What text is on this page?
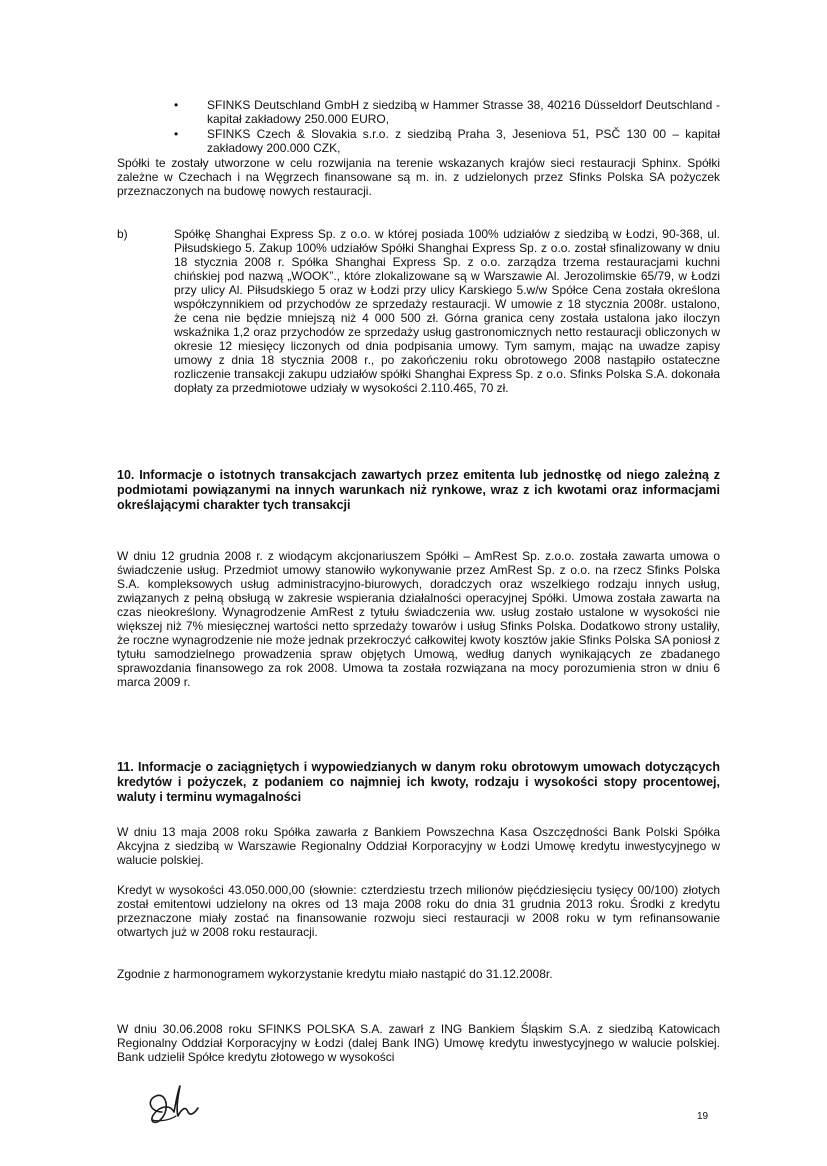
• SFINKS Deutschland GmbH z siedzibą w Hammer Strasse 38, 40216 Düsseldorf Deutschland - kapitał zakładowy 250.000 EURO,
• SFINKS Czech & Slovakia s.r.o. z siedzibą Praha 3, Jeseniova 51, PSČ 130 00 – kapitał zakładowy 200.000 CZK,

Spółki te zostały utworzone w celu rozwijania na terenie wskazanych krajów sieci restauracji Sphinx. Spółki zależne w Czechach i na Węgrzech finansowane są m. in. z udzielonych przez Sfinks Polska SA pożyczek przeznaczonych na budowę nowych restauracji.

b)	Spółkę Shanghai Express Sp. z o.o. w której posiada 100% udziałów z siedzibą w Łodzi, 90-368, ul. Piłsudskiego 5. Zakup 100% udziałów Spółki Shanghai Express Sp. z o.o. został sfinalizowany w dniu 18 stycznia 2008 r. Spółka Shanghai Express Sp. z o.o. zarządza trzema restauracjami kuchni chińskiej pod nazwą „WOOK”., które zlokalizowane są w Warszawie Al. Jerozolimskie 65/79, w Łodzi przy ulicy Al. Piłsudskiego 5 oraz w Łodzi przy ulicy Karskiego 5.w/w Spółce Cena została określona współczynnikiem od przychodów ze sprzedaży restauracji. W umowie z 18 stycznia 2008r. ustalono, że cena nie będzie mniejszą niż 4 000 500 zł. Górna granica ceny została ustalona jako iloczyn wskaźnika 1,2 oraz przychodów ze sprzedaży usług gastronomicznych netto restauracji obliczonych w okresie 12 miesięcy liczonych od dnia podpisania umowy. Tym samym, mając na uwadze zapisy umowy z dnia 18 stycznia 2008 r., po zakończeniu roku obrotowego 2008 nastąpiło ostateczne rozliczenie transakcji zakupu udziałów spółki Shanghai Express Sp. z o.o. Sfinks Polska S.A. dokonała dopłaty za przedmiotowe udziały w wysokości 2.110.465, 70 zł.

10. Informacje o istotnych transakcjach zawartych przez emitenta lub jednostkę od niego zależną z podmiotami powiązanymi na innych warunkach niż rynkowe, wraz z ich kwotami oraz informacjami określającymi charakter tych transakcji

W dniu 12 grudnia 2008 r. z wiodącym akcjonariuszem Spółki – AmRest Sp. z.o.o. została zawarta umowa o świadczenie usług. Przedmiot umowy stanowiło wykonywanie przez AmRest Sp. z o.o. na rzecz Sfinks Polska S.A. kompleksowych usług administracyjno-biurowych, doradczych oraz wszelkiego rodzaju innych usług, związanych z pełną obsługą w zakresie wspierania działalności operacyjnej Spółki. Umowa została zawarta na czas nieokreślony. Wynagrodzenie AmRest z tytułu świadczenia ww. usług zostało ustalone w wysokości nie większej niż 7% miesięcznej wartości netto sprzedaży towarów i usług Sfinks Polska. Dodatkowo strony ustaliły, że roczne wynagrodzenie nie może jednak przekroczyć całkowitej kwoty kosztów jakie Sfinks Polska SA poniosł z tytułu samodzielnego prowadzenia spraw objętych Umową, według danych wynikających ze zbadanego sprawozdania finansowego za rok 2008. Umowa ta została rozwiązana na mocy porozumienia stron w dniu 6 marca 2009 r.

11. Informacje o zaciągniętych i wypowiedzianych w danym roku obrotowym umowach dotyczących kredytów i pożyczek, z podaniem co najmniej ich kwoty, rodzaju i wysokości stopy procentowej, waluty i terminu wymagalności

W dniu 13 maja 2008 roku Spółka zawarła z Bankiem Powszechna Kasa Oszczędności Bank Polski Spółka Akcyjna z siedzibą w Warszawie Regionalny Oddział Korporacyjny w Łodzi Umowę kredytu inwestycyjnego w walucie polskiej.

Kredyt w wysokości 43.050.000,00 (słownie: czterdziestu trzech milionów pięćdziesięciu tysięcy 00/100) złotych został emitentowi udzielony na okres od 13 maja 2008 roku do dnia 31 grudnia 2013 roku. Środki z kredytu przeznaczone miały zostać na finansowanie rozwoju sieci restauracji w 2008 roku w tym refinansowanie otwartych już w 2008 roku restauracji.

Zgodnie z harmonogramem wykorzystanie kredytu miało nastąpić do 31.12.2008r.

W dniu 30.06.2008 roku SFINKS POLSKA S.A. zawarł z ING Bankiem Śląskim S.A. z siedzibą Katowicach Regionalny Oddział Korporacyjny w Łodzi (dalej Bank ING) Umowę kredytu inwestycyjnego w walucie polskiej. Bank udzielił Spółce kredytu złotowego w wysokości

19
